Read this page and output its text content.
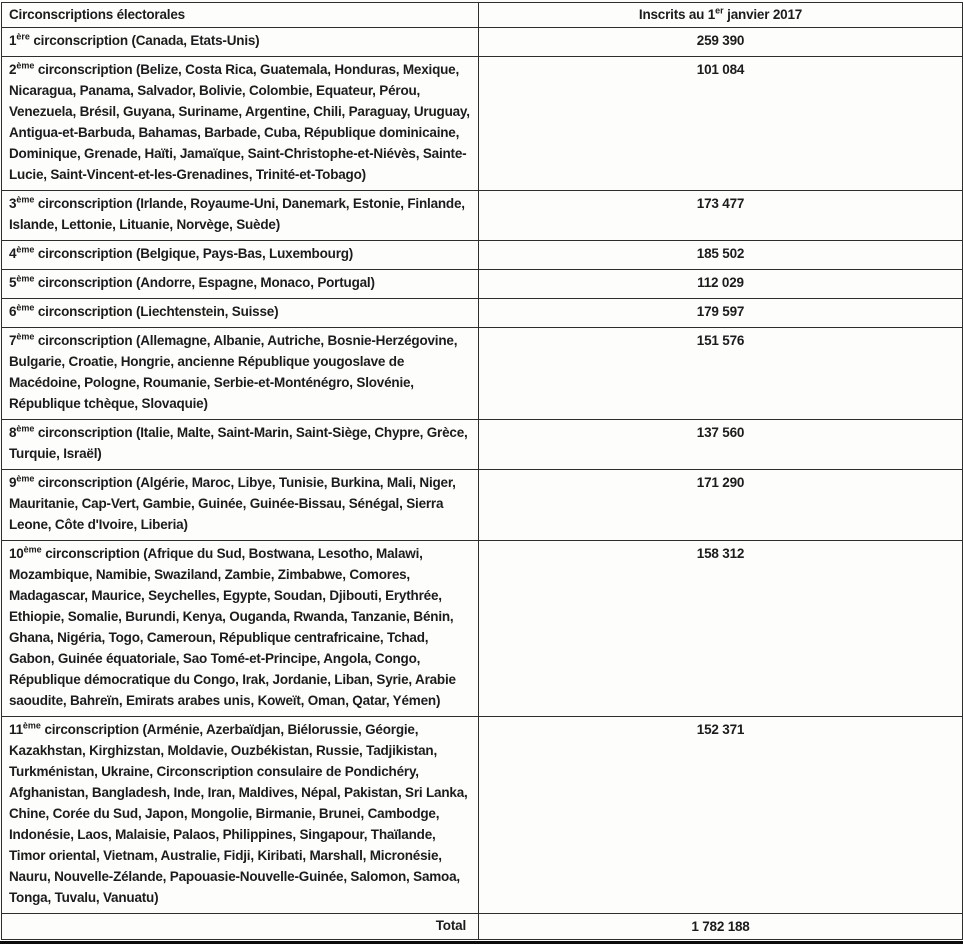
Circonscriptions électorales	Inscrits au 1er janvier 2017
1ère circonscription (Canada, Etats-Unis)	259 390
2ème circonscription (Belize, Costa Rica, Guatemala, Honduras, Mexique, Nicaragua, Panama, Salvador, Bolivie, Colombie, Equateur, Pérou, Venezuela, Brésil, Guyana, Suriname, Argentine, Chili, Paraguay, Uruguay, Antigua-et-Barbuda, Bahamas, Barbade, Cuba, République dominicaine, Dominique, Grenade, Haïti, Jamaïque, Saint-Christophe-et-Niévès, Sainte-Lucie, Saint-Vincent-et-les-Grenadines, Trinité-et-Tobago)	101 084
3ème circonscription (Irlande, Royaume-Uni, Danemark, Estonie, Finlande, Islande, Lettonie, Lituanie, Norvège, Suède)	173 477
4ème circonscription (Belgique, Pays-Bas, Luxembourg)	185 502
5ème circonscription (Andorre, Espagne, Monaco, Portugal)	112 029
6ème circonscription (Liechtenstein, Suisse)	179 597
7ème circonscription (Allemagne, Albanie, Autriche, Bosnie-Herzégovine, Bulgarie, Croatie, Hongrie, ancienne République yougoslave de Macédoine, Pologne, Roumanie, Serbie-et-Monténégro, Slovénie, République tchèque, Slovaquie)	151 576
8ème circonscription (Italie, Malte, Saint-Marin, Saint-Siège, Chypre, Grèce, Turquie, Israël)	137 560
9ème circonscription (Algérie, Maroc, Libye, Tunisie, Burkina, Mali, Niger, Mauritanie, Cap-Vert, Gambie, Guinée, Guinée-Bissau, Sénégal, Sierra Leone, Côte d'Ivoire, Liberia)	171 290
10ème circonscription (Afrique du Sud, Bostwana, Lesotho, Malawi, Mozambique, Namibie, Swaziland, Zambie, Zimbabwe, Comores, Madagascar, Maurice, Seychelles, Egypte, Soudan, Djibouti, Erythrée, Ethiopie, Somalie, Burundi, Kenya, Ouganda, Rwanda, Tanzanie, Bénin, Ghana, Nigéria, Togo, Cameroun, République centrafricaine, Tchad, Gabon, Guinée équatoriale, Sao Tomé-et-Principe, Angola, Congo, République démocratique du Congo, Irak, Jordanie, Liban, Syrie, Arabie saoudite, Bahreïn, Emirats arabes unis, Koweït, Oman, Qatar, Yémen)	158 312
11ème circonscription (Arménie, Azerbaïdjan, Biélorussie, Géorgie, Kazakhstan, Kirghizstan, Moldavie, Ouzbékistan, Russie, Tadjikistan, Turkménistan, Ukraine, Circonscription consulaire de Pondichéry, Afghanistan, Bangladesh, Inde, Iran, Maldives, Népal, Pakistan, Sri Lanka, Chine, Corée du Sud, Japon, Mongolie, Birmanie, Brunei, Cambodge, Indonésie, Laos, Malaisie, Palaos, Philippines, Singapour, Thaïlande, Timor oriental, Vietnam, Australie, Fidji, Kiribati, Marshall, Micronésie, Nauru, Nouvelle-Zélande, Papouasie-Nouvelle-Guinée, Salomon, Samoa, Tonga, Tuvalu, Vanuatu)	152 371
Total	1 782 188
